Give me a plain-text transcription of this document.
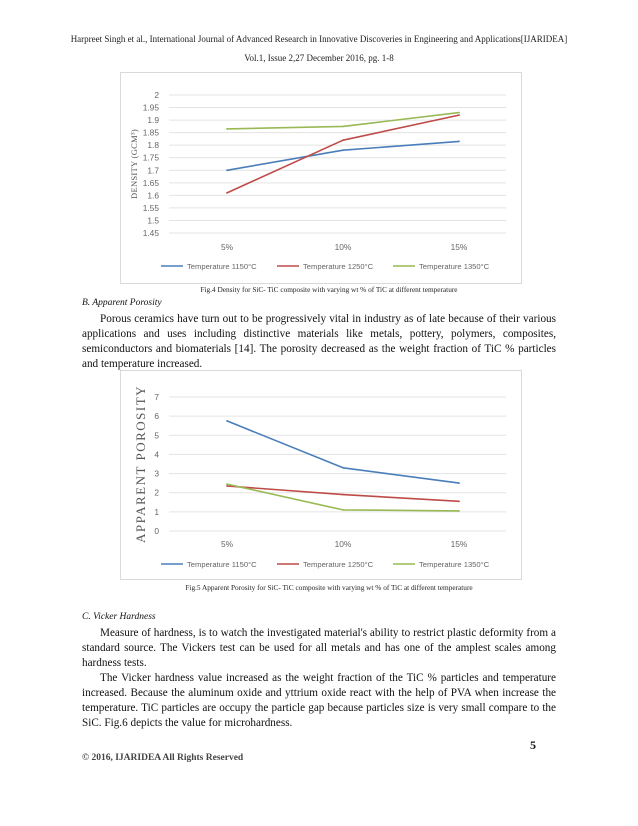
Harpreet Singh et al., International Journal of Advanced Research in Innovative Discoveries in Engineering and Applications[IJARIDEA]
Vol.1, Issue 2,27 December 2016, pg. 1-8
2
1.95
1.9
1.85
1.8
1.75
1.7
1.65
1.6
1.55
1.5
1.45
5%	10%	15%
DENSITY (GCM³)
Temperature 1150°C	Temperature 1250°C	Temperature 1350°C
Fig.4 Density for SiC- TiC composite with varying wt % of TiC at different temperature
B. Apparent Porosity

Porous ceramics have turn out to be progressively vital in industry as of late because of their various applications and uses including distinctive materials like metals, pottery, polymers, composites, semiconductors and biomaterials [14]. The porosity decreased as the weight fraction of TiC % particles and temperature increased.

7
6
5
4
3
2
1
0
5%	10%	15%
APPARENT POROSITY
Temperature 1150°C	Temperature 1250°C	Temperature 1350°C
Fig.5 Apparent Porosity for SiC- TiC composite with varying wt % of TiC at different temperature
C. Vicker Hardness

Measure of hardness, is to watch the investigated material's ability to restrict plastic deformity from a standard source. The Vickers test can be used for all metals and has one of the amplest scales among hardness tests.

The Vicker hardness value increased as the weight fraction of the TiC % particles and temperature increased. Because the aluminum oxide and yttrium oxide react with the help of PVA when increase the temperature. TiC particles are occupy the particle gap because particles size is very small compare to the SiC. Fig.6 depicts the value for microhardness.

5
© 2016, IJARIDEA All Rights Reserved
